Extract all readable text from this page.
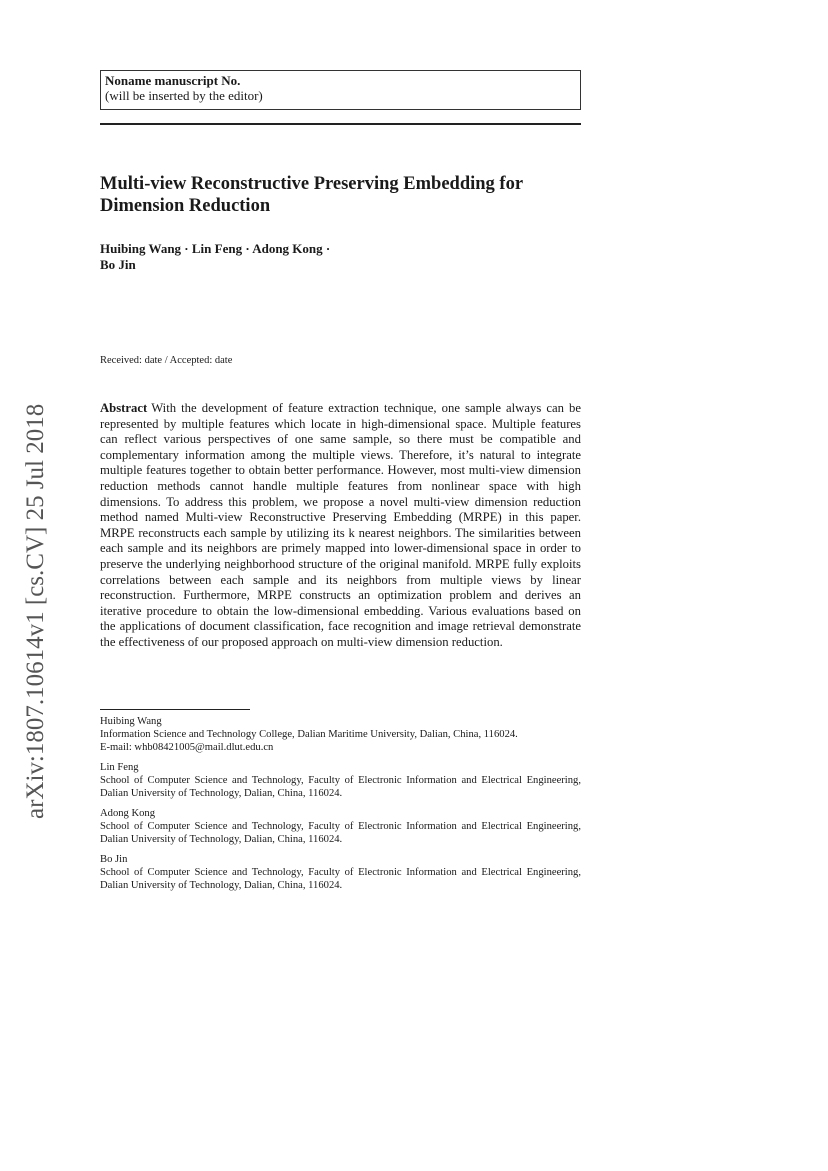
arXiv:1807.10614v1 [cs.CV] 25 Jul 2018
Noname manuscript No.
(will be inserted by the editor)
Multi-view Reconstructive Preserving Embedding for Dimension Reduction
Huibing Wang · Lin Feng · Adong Kong ·
Bo Jin
Received: date / Accepted: date

Abstract With the development of feature extraction technique, one sample always can be represented by multiple features which locate in high-dimensional space. Multiple features can reflect various perspectives of one same sample, so there must be compatible and complementary information among the multiple views. Therefore, it’s natural to integrate multiple features together to obtain better performance. However, most multi-view dimension reduction methods cannot handle multiple features from nonlinear space with high dimensions. To address this problem, we propose a novel multi-view dimension reduction method named Multi-view Reconstructive Preserving Embedding (MRPE) in this paper. MRPE reconstructs each sample by utilizing its k nearest neighbors. The similarities between each sample and its neighbors are primely mapped into lower-dimensional space in order to preserve the underlying neighborhood structure of the original manifold. MRPE fully exploits correlations between each sample and its neighbors from multiple views by linear reconstruction. Furthermore, MRPE constructs an optimization problem and derives an iterative procedure to obtain the low-dimensional embedding. Various evaluations based on the applications of document classification, face recognition and image retrieval demonstrate the effectiveness of our proposed approach on multi-view dimension reduction.

Huibing Wang
Information Science and Technology College, Dalian Maritime University, Dalian, China, 116024.
E-mail: whb08421005@mail.dlut.edu.cn
Lin Feng
School of Computer Science and Technology, Faculty of Electronic Information and Electrical Engineering, Dalian University of Technology, Dalian, China, 116024.
Adong Kong
School of Computer Science and Technology, Faculty of Electronic Information and Electrical Engineering, Dalian University of Technology, Dalian, China, 116024.
Bo Jin
School of Computer Science and Technology, Faculty of Electronic Information and Electrical Engineering, Dalian University of Technology, Dalian, China, 116024.
